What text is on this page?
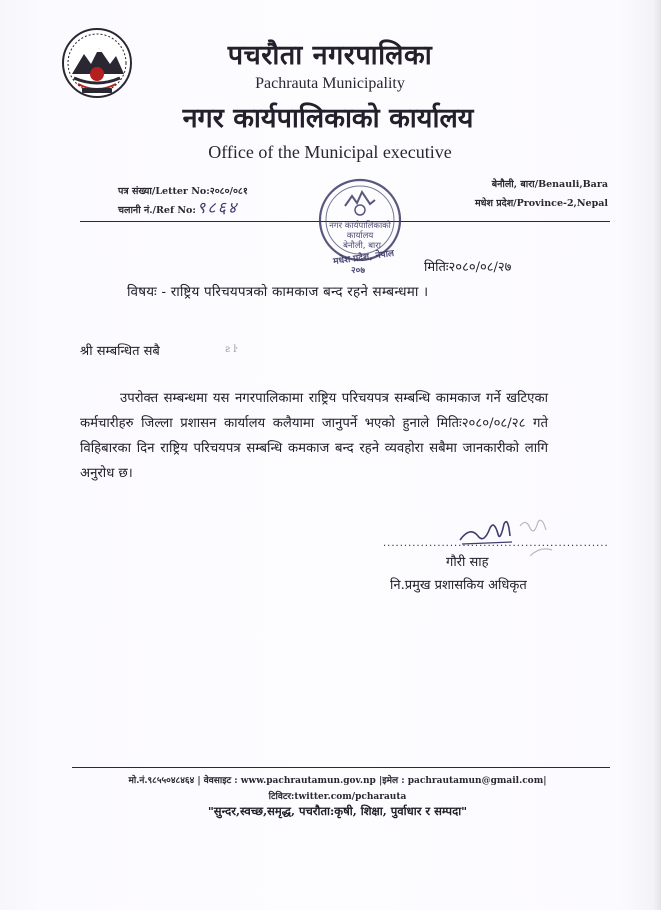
पचरौता नगरपालिका
Pachrauta Municipality
नगर कार्यपालिकाको कार्यालय
Office of the Municipal executive
पत्र संख्या/Letter No:२०८०/०८१
चलानी नं./Ref No: ९८६४
बेनौली, बारा/Benauli,Bara
मधेश प्रदेश/Province-2,Nepal
नगर कार्यपालिकाको
कार्यालय
बेनौली, बारा
मधेश प्रदेश, नेपाल
२०७	मितिः२०८०/०८/२७
विषयः - राष्ट्रिय परिचयपत्रको कामकाज बन्द रहने सम्बन्धमा ।
श्री सम्बन्धित सबै	ƨ ŀ
उपरोक्त सम्बन्धमा यस नगरपालिकामा राष्ट्रिय परिचयपत्र सम्बन्धि कामकाज गर्ने खटिएका कर्मचारीहरु जिल्ला प्रशासन कार्यालय कलैयामा जानुपर्ने भएको हुनाले मितिः२०८०/०८/२८ गते विहिबारका दिन राष्ट्रिय परिचयपत्र सम्बन्धि कमकाज बन्द रहने व्यवहोरा सबैमा जानकारीको लागि अनुरोध छ।
......................................................
गौरी साह
नि.प्रमुख प्रशासकिय अधिकृत
मो.नं.९८५५०४८४६४ | वेवसाइट : www.pachrautamun.gov.np |इमेल : pachrautamun@gmail.com|
टिविटर:twitter.com/pcharauta
"सुन्दर,स्वच्छ,समृद्ध, पचरौता:कृषी, शिक्षा, पुर्वाधार र सम्पदा"
